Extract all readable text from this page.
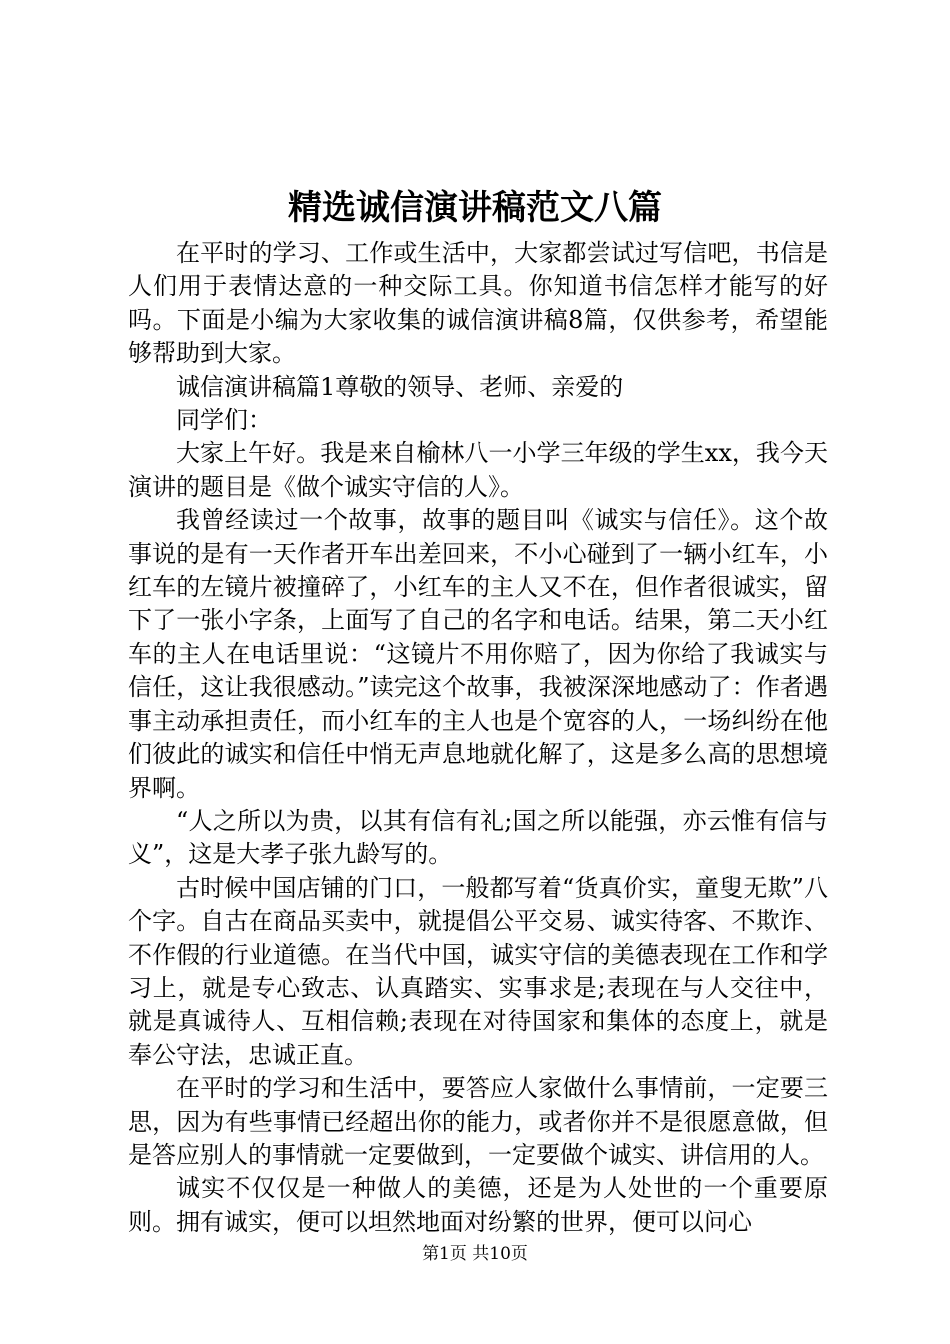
精选诚信演讲稿范文八篇

在平时的学习、工作或生活中，大家都尝试过写信吧，书信是人们用于表情达意的一种交际工具。你知道书信怎样才能写的好吗。下面是小编为大家收集的诚信演讲稿8篇，仅供参考，希望能够帮助到大家。

诚信演讲稿篇1尊敬的领导、老师、亲爱的

同学们：

大家上午好。我是来自榆林八一小学三年级的学生xx，我今天演讲的题目是《做个诚实守信的人》。

我曾经读过一个故事，故事的题目叫《诚实与信任》。这个故事说的是有一天作者开车出差回来，不小心碰到了一辆小红车，小红车的左镜片被撞碎了，小红车的主人又不在，但作者很诚实，留下了一张小字条，上面写了自己的名字和电话。结果，第二天小红车的主人在电话里说：“这镜片不用你赔了，因为你给了我诚实与信任，这让我很感动。”读完这个故事，我被深深地感动了：作者遇事主动承担责任，而小红车的主人也是个宽容的人，一场纠纷在他们彼此的诚实和信任中悄无声息地就化解了，这是多么高的思想境界啊。

“人之所以为贵，以其有信有礼;国之所以能强，亦云惟有信与义”，这是大孝子张九龄写的。

古时候中国店铺的门口，一般都写着“货真价实，童叟无欺”八个字。自古在商品买卖中，就提倡公平交易、诚实待客、不欺诈、不作假的行业道德。在当代中国，诚实守信的美德表现在工作和学习上，就是专心致志、认真踏实、实事求是;表现在与人交往中，就是真诚待人、互相信赖;表现在对待国家和集体的态度上，就是奉公守法，忠诚正直。

在平时的学习和生活中，要答应人家做什么事情前，一定要三思，因为有些事情已经超出你的能力，或者你并不是很愿意做，但是答应别人的事情就一定要做到，一定要做个诚实、讲信用的人。

诚实不仅仅是一种做人的美德，还是为人处世的一个重要原则。拥有诚实，便可以坦然地面对纷繁的世界，便可以问心

第1页 共10页
